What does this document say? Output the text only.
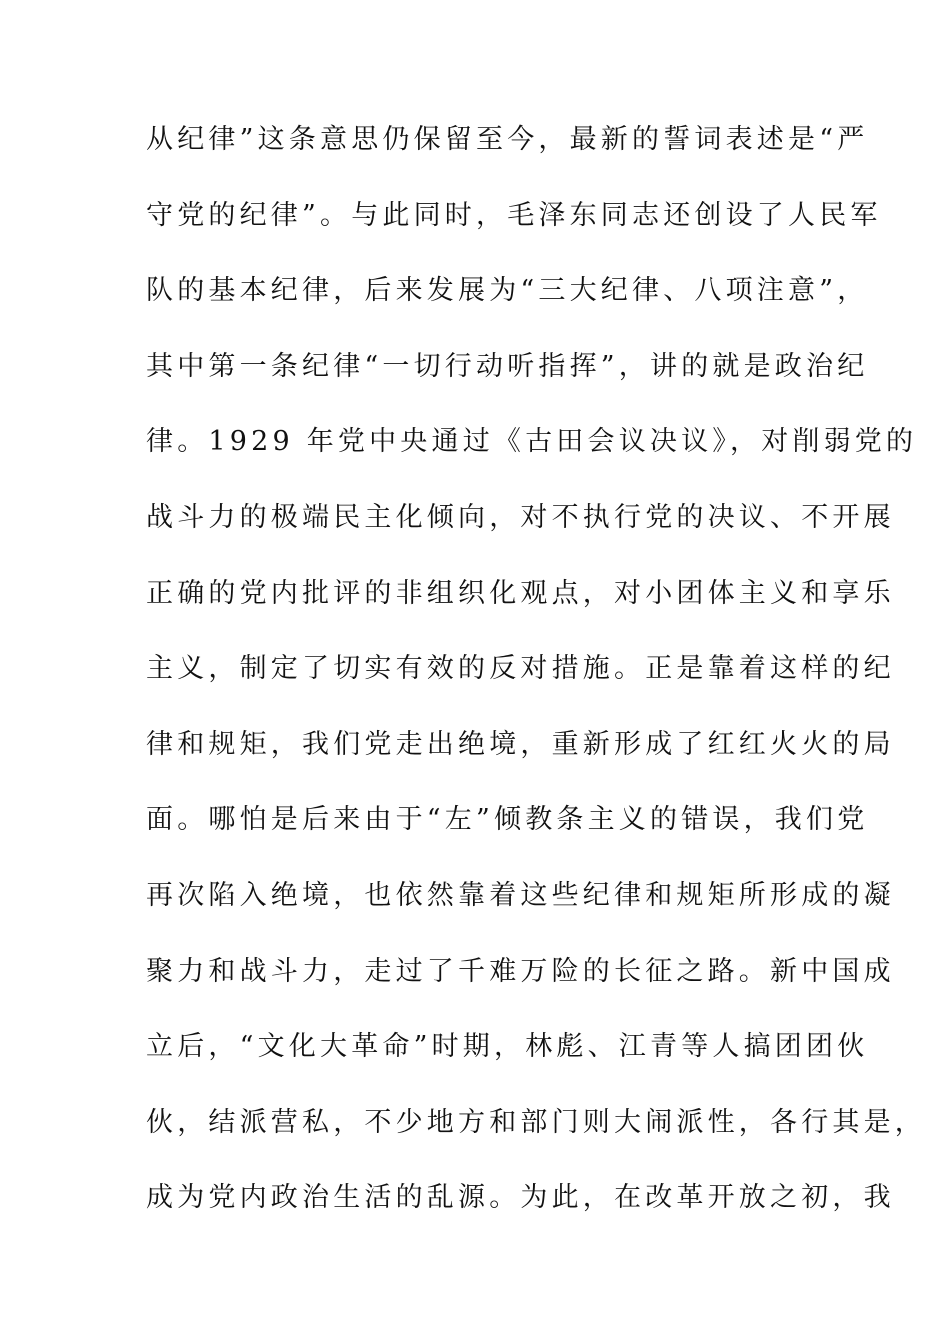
从纪律”这条意思仍保留至今，最新的誓词表述是“严
守党的纪律”。与此同时，毛泽东同志还创设了人民军
队的基本纪律，后来发展为“三大纪律、八项注意”，
其中第一条纪律“一切行动听指挥”，讲的就是政治纪
律。1929 年党中央通过《古田会议决议》，对削弱党的
战斗力的极端民主化倾向，对不执行党的决议、不开展
正确的党内批评的非组织化观点，对小团体主义和享乐
主义，制定了切实有效的反对措施。正是靠着这样的纪
律和规矩，我们党走出绝境，重新形成了红红火火的局
面。哪怕是后来由于“左”倾教条主义的错误，我们党
再次陷入绝境，也依然靠着这些纪律和规矩所形成的凝
聚力和战斗力，走过了千难万险的长征之路。新中国成
立后，“文化大革命”时期，林彪、江青等人搞团团伙
伙，结派营私，不少地方和部门则大闹派性，各行其是，
成为党内政治生活的乱源。为此，在改革开放之初，我
